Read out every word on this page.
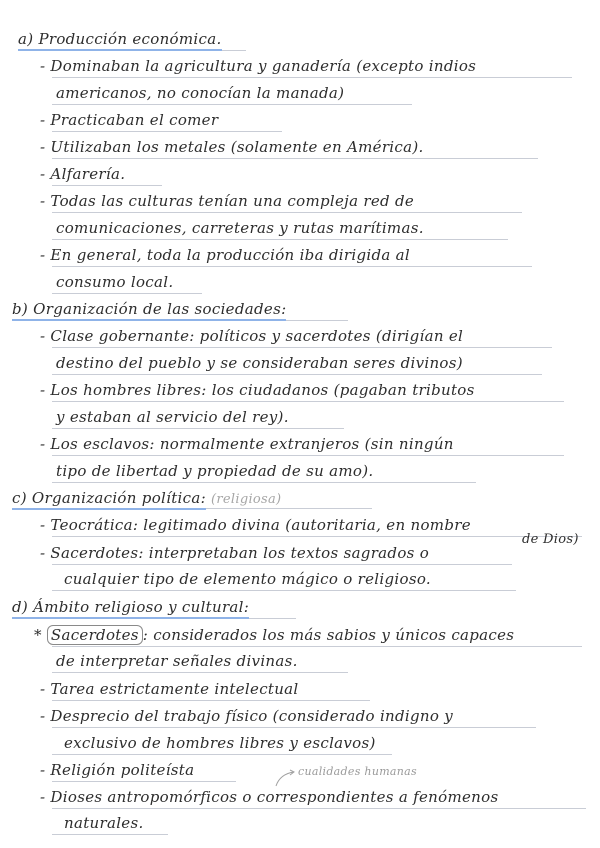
a) Producción económica.
- Dominaban la agricultura y ganadería (excepto indios
americanos, no conocían la manada)
- Practicaban el comer
- Utilizaban los metales (solamente en América).
- Alfarería.
- Todas las culturas tenían una compleja red de
comunicaciones, carreteras y rutas marítimas.
- En general, toda la producción iba dirigida al
consumo local.
b) Organización de las sociedades:
- Clase gobernante: políticos y sacerdotes (dirigían el
destino del pueblo y se consideraban seres divinos)
- Los hombres libres: los ciudadanos (pagaban tributos
y estaban al servicio del rey).
- Los esclavos: normalmente extranjeros (sin ningún
tipo de libertad y propiedad de su amo).
c) Organización política: (religiosa)
- Teocrática: legitimado divina (autoritaria, en nombre
de Dios)
- Sacerdotes: interpretaban los textos sagrados o
cualquier tipo de elemento mágico o religioso.
d) Ámbito religioso y cultural:
* Sacerdotes : considerados los más sabios y únicos capaces
de interpretar señales divinas.
- Tarea estrictamente intelectual
- Desprecio del trabajo físico (considerado indigno y
exclusivo de hombres libres y esclavos)
- Religión politeísta	cualidades humanas
- Dioses antropomórficos o correspondientes a fenómenos
naturales.
